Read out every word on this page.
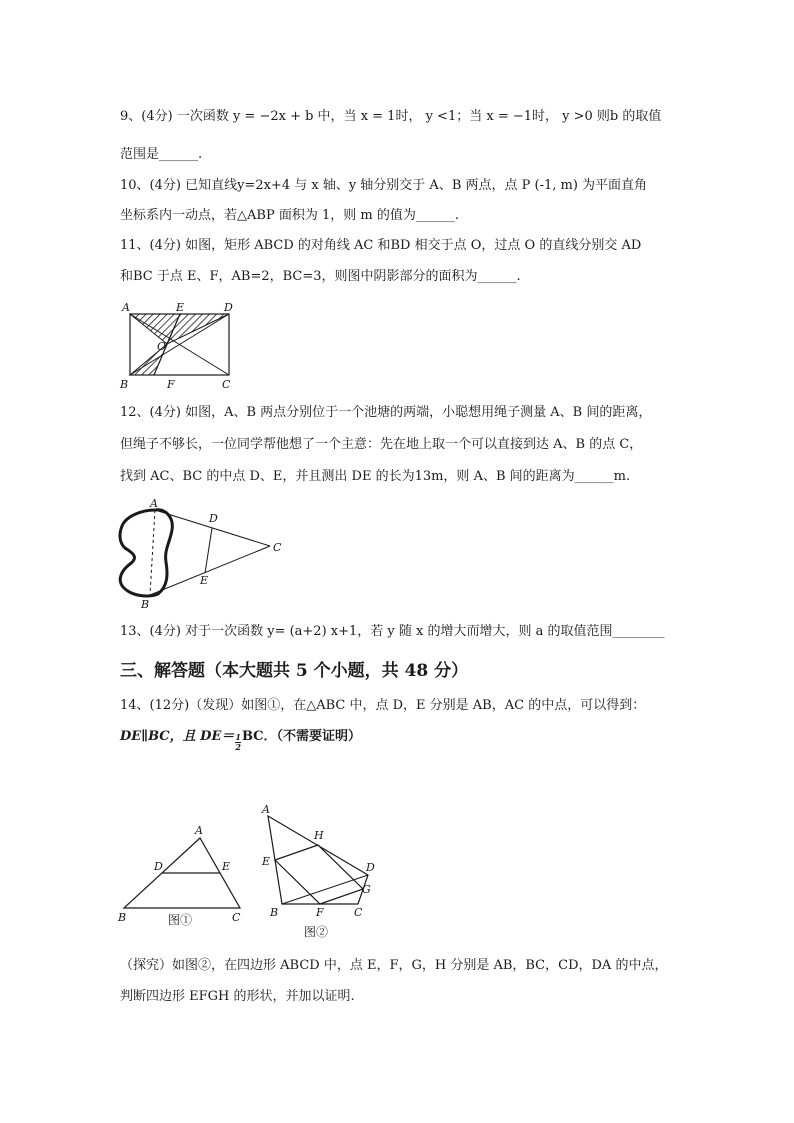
9、(4分) 一次函数 y = −2x + b 中，当 x = 1时， y <1；当 x = −1时， y >0 则b 的取值
范围是______.
10、(4分) 已知直线y=2x+4 与 x 轴、y 轴分别交于 A、B 两点，点 P (-1, m) 为平面直角
坐标系内一动点，若△ABP 面积为 1，则 m 的值为______.
11、(4分) 如图，矩形 ABCD 的对角线 AC 和BD 相交于点 O，过点 O 的直线分别交 AD
和BC 于点 E、F，AB=2，BC=3，则图中阴影部分的面积为______.
A	E	D
O
B	F	C
12、(4分) 如图，A、B 两点分别位于一个池塘的两端，小聪想用绳子测量 A、B 间的距离，
但绳子不够长，一位同学帮他想了一个主意：先在地上取一个可以直接到达 A、B 的点 C，
找到 AC、BC 的中点 D、E，并且测出 DE 的长为13m，则 A、B 间的距离为______m.
A
B
C
D
E
13、(4分) 对于一次函数 y= (a+2) x+1，若 y 随 x 的增大而增大，则 a 的取值范围________
三、解答题（本大题共 5 个小题，共 48 分）
14、(12分)（发现）如图①，在△ABC 中，点 D，E 分别是 AB，AC 的中点，可以得到：
DE∥BC，且 $DE= \frac{1}{2}$ BC．（不需要证明）
A
D	E
B	C
图①
A
H
E	D
G
B	F	C
图②
（探究）如图②，在四边形 ABCD 中，点 E，F，G，H 分别是 AB，BC，CD，DA 的中点，
判断四边形 EFGH 的形状，并加以证明.
